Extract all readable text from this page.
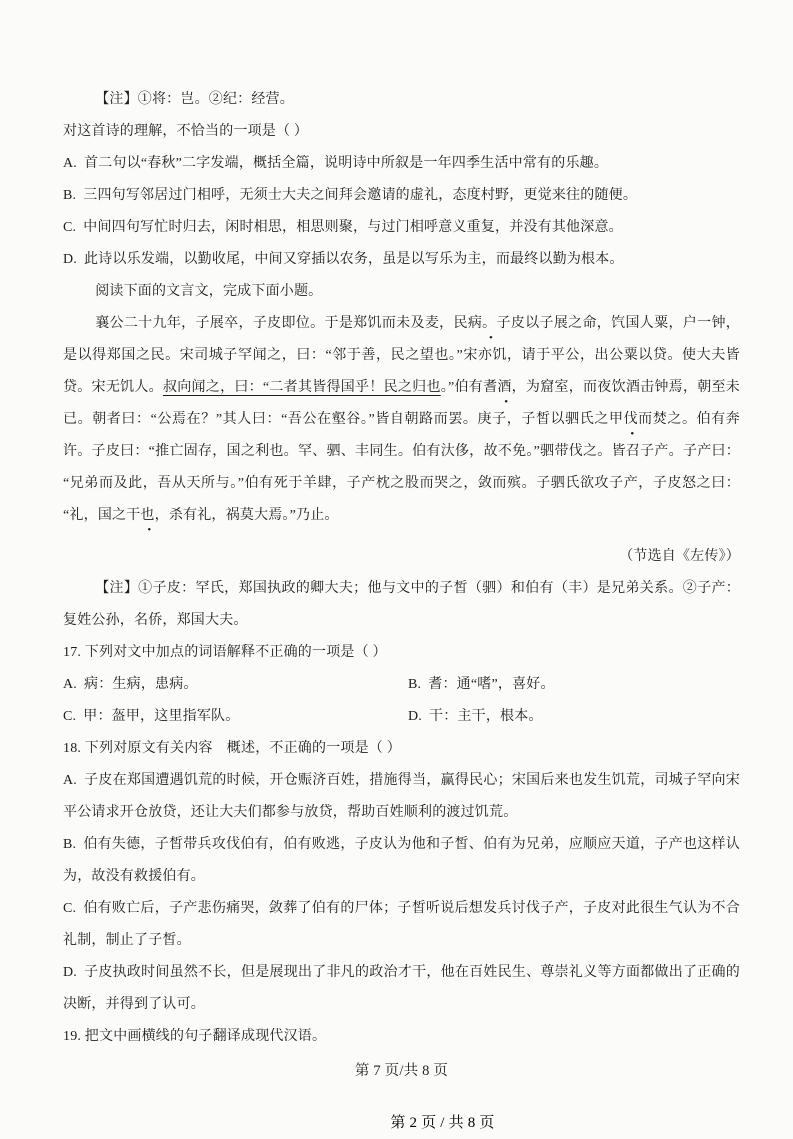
【注】①将：岂。②纪：经营。

对这首诗的理解，不恰当的一项是（ ）

A. 首二句以“春秋”二字发端，概括全篇，说明诗中所叙是一年四季生活中常有的乐趣。

B. 三四句写邻居过门相呼，无须士大夫之间拜会邀请的虚礼，态度村野，更觉来往的随便。

C. 中间四句写忙时归去，闲时相思，相思则聚，与过门相呼意义重复，并没有其他深意。

D. 此诗以乐发端，以勤收尾，中间又穿插以农务，虽是以写乐为主，而最终以勤为根本。

阅读下面的文言文，完成下面小题。

襄公二十九年，子展卒，子皮即位。于是郑饥而未及麦，民病。子皮以子展之命，饩国人粟，户一钟，是以得郑国之民。宋司城子罕闻之，曰：“邻于善，民之望也。”宋亦饥，请于平公，出公粟以贷。使大夫皆贷。宋无饥人。叔向闻之，曰：“二者其皆得国乎！民之归也。”伯有耆酒，为窟室，而夜饮酒击钟焉，朝至未已。朝者曰：“公焉在？”其人曰：“吾公在壑谷。”皆自朝路而罢。庚子，子皙以驷氏之甲伐而焚之。伯有奔许。子皮曰：“推亡固存，国之利也。罕、驷、丰同生。伯有汏侈，故不免。”驷带伐之。皆召子产。子产曰：“兄弟而及此，吾从天所与。”伯有死于羊肆，子产枕之股而哭之，敛而殡。子驷氏欲攻子产，子皮怒之曰：“礼，国之干也，杀有礼，祸莫大焉。”乃止。

（节选自《左传》）

【注】①子皮：罕氏，郑国执政的卿大夫；他与文中的子皙（驷）和伯有（丰）是兄弟关系。②子产：复姓公孙，名侨，郑国大夫。

17. 下列对文中加点的词语解释不正确的一项是（ ）

A. 病：生病，患病。	B. 耆：通“嗜”，喜好。

C. 甲：盔甲，这里指军队。	D. 干：主干，根本。

18. 下列对原文有关内容　概述，不正确的一项是（ ）

A. 子皮在郑国遭遇饥荒的时候，开仓赈济百姓，措施得当，赢得民心；宋国后来也发生饥荒，司城子罕向宋平公请求开仓放贷，还让大夫们都参与放贷，帮助百姓顺利的渡过饥荒。

B. 伯有失德，子皙带兵攻伐伯有，伯有败逃，子皮认为他和子皙、伯有为兄弟，应顺应天道，子产也这样认为，故没有救援伯有。

C. 伯有败亡后，子产悲伤痛哭，敛葬了伯有的尸体；子皙听说后想发兵讨伐子产，子皮对此很生气认为不合礼制，制止了子皙。

D. 子皮执政时间虽然不长，但是展现出了非凡的政治才干，他在百姓民生、尊崇礼义等方面都做出了正确的决断，并得到了认可。

19. 把文中画横线的句子翻译成现代汉语。

第 7 页/共 8 页

第 2 页 / 共 8 页
